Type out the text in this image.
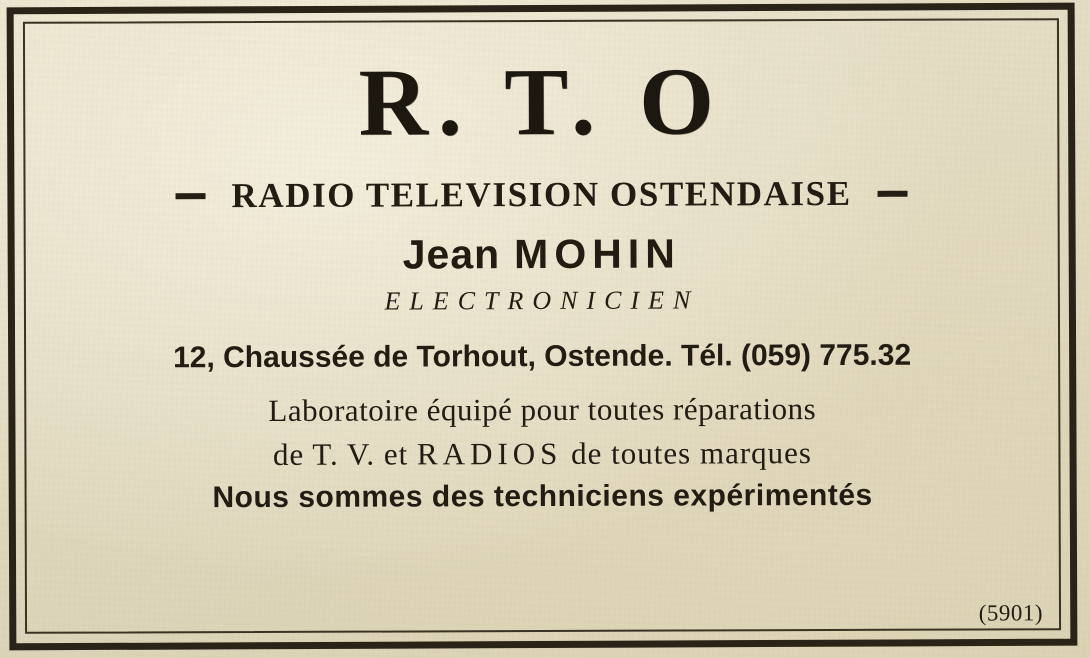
R. T. O
RADIO TELEVISION OSTENDAISE
Jean MOHIN
ELECTRONICIEN
12, Chaussée de Torhout, Ostende. Tél. (059) 775.32
Laboratoire équipé pour toutes réparations
de T. V. et RADIOS de toutes marques
Nous sommes des techniciens expérimentés
(5901)
